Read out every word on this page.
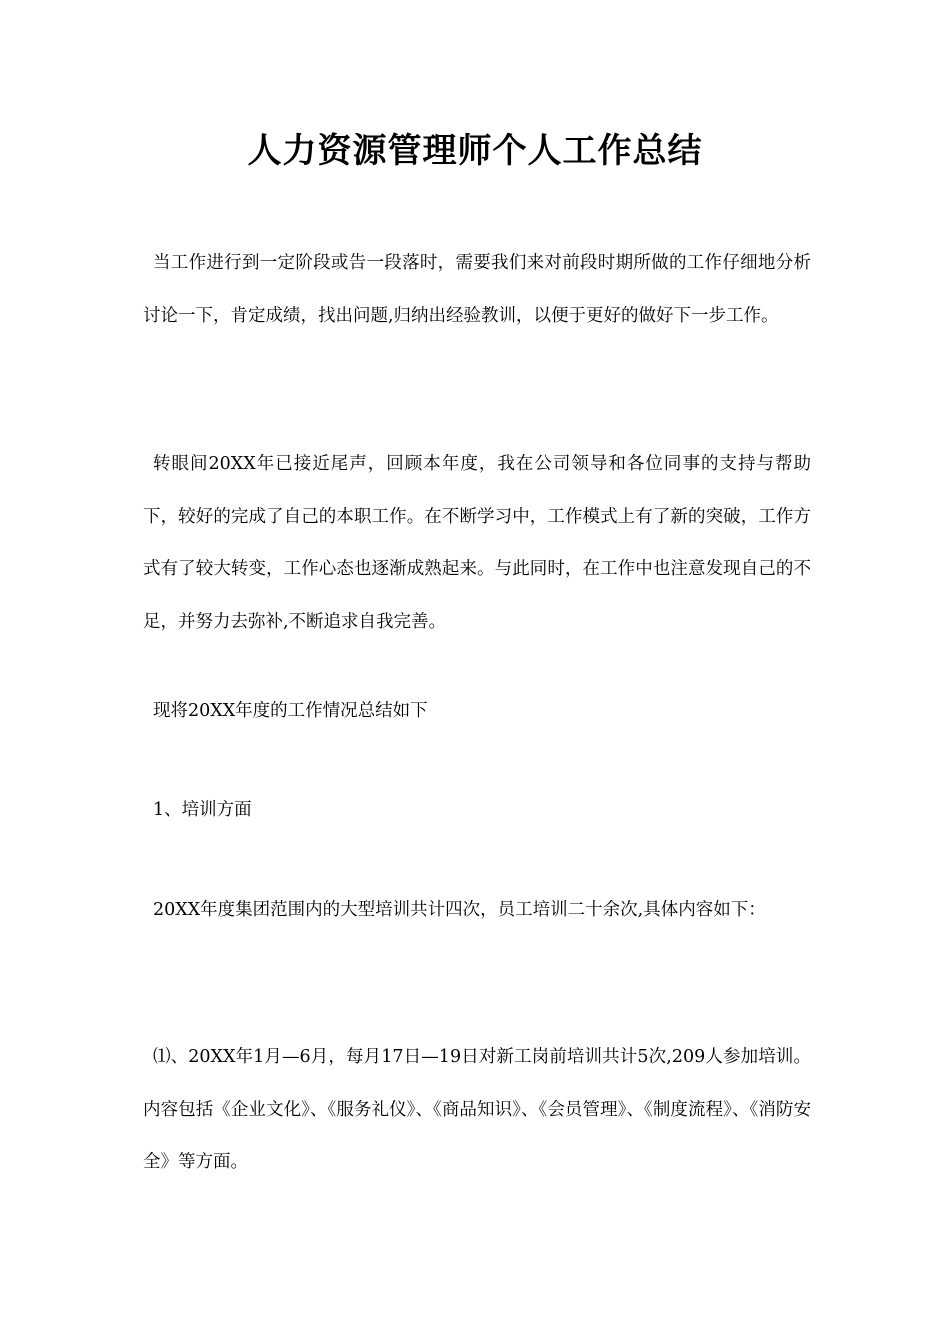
人力资源管理师个人工作总结
当工作进行到一定阶段或告一段落时，需要我们来对前段时期所做的工作仔细地分析讨论一下，肯定成绩，找出问题,归纳出经验教训，以便于更好的做好下一步工作。
转眼间20XX年已接近尾声，回顾本年度，我在公司领导和各位同事的支持与帮助下，较好的完成了自己的本职工作。在不断学习中，工作模式上有了新的突破，工作方式有了较大转变，工作心态也逐渐成熟起来。与此同时，在工作中也注意发现自己的不足，并努力去弥补,不断追求自我完善。
现将20XX年度的工作情况总结如下
1、培训方面
20XX年度集团范围内的大型培训共计四次，员工培训二十余次,具体内容如下：
⑴、20XX年1月—6月，每月17日—19日对新工岗前培训共计5次,209人参加培训。内容包括《企业文化》、《服务礼仪》、《商品知识》、《会员管理》、《制度流程》、《消防安全》等方面。
